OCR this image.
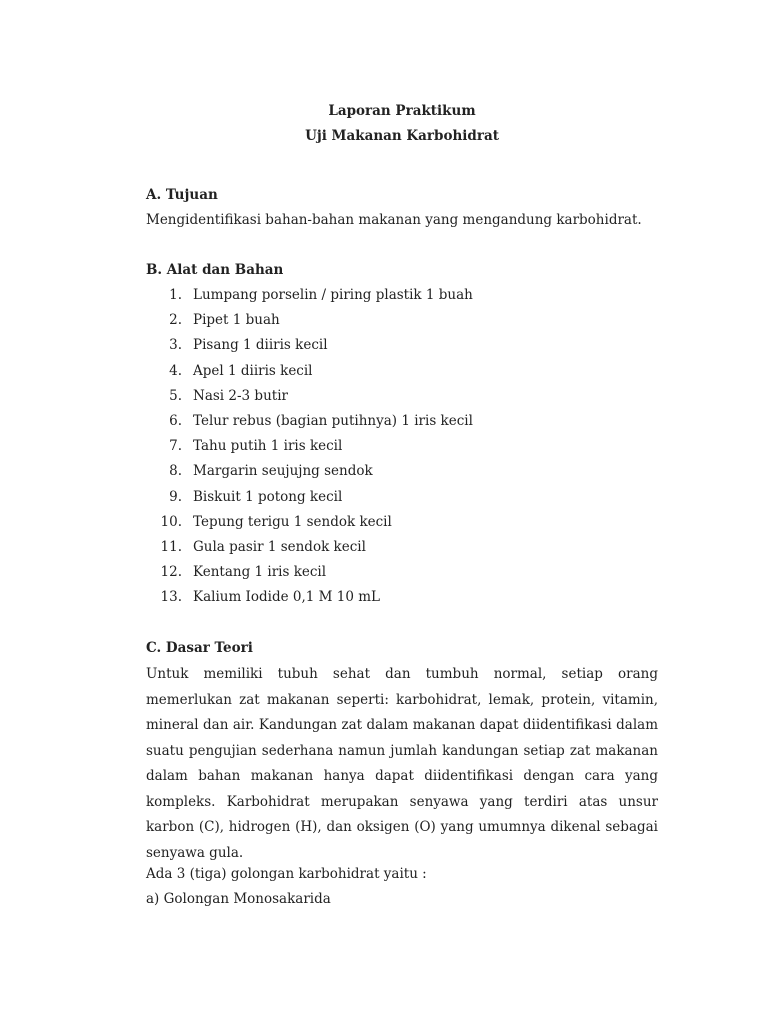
Laporan Praktikum
Uji Makanan Karbohidrat
A. Tujuan
Mengidentifikasi bahan-bahan makanan yang mengandung karbohidrat.
B. Alat dan Bahan
1. Lumpang porselin / piring plastik 1 buah
2. Pipet 1 buah
3. Pisang 1 diiris kecil
4. Apel 1 diiris kecil
5. Nasi 2-3 butir
6. Telur rebus (bagian putihnya) 1 iris kecil
7. Tahu putih 1 iris kecil
8. Margarin seujujng sendok
9. Biskuit 1 potong kecil
10. Tepung terigu 1 sendok kecil
11. Gula pasir 1 sendok kecil
12. Kentang 1 iris kecil
13. Kalium Iodide 0,1 M 10 mL
C. Dasar Teori

Untuk memiliki tubuh sehat dan tumbuh normal, setiap orang memerlukan zat makanan seperti: karbohidrat, lemak, protein, vitamin, mineral dan air. Kandungan zat dalam makanan dapat diidentifikasi dalam suatu pengujian sederhana namun jumlah kandungan setiap zat makanan dalam bahan makanan hanya dapat diidentifikasi dengan cara yang kompleks. Karbohidrat merupakan senyawa yang terdiri atas unsur karbon (C), hidrogen (H), dan oksigen (O) yang umumnya dikenal sebagai senyawa gula.

Ada 3 (tiga) golongan karbohidrat yaitu :
a) Golongan Monosakarida
